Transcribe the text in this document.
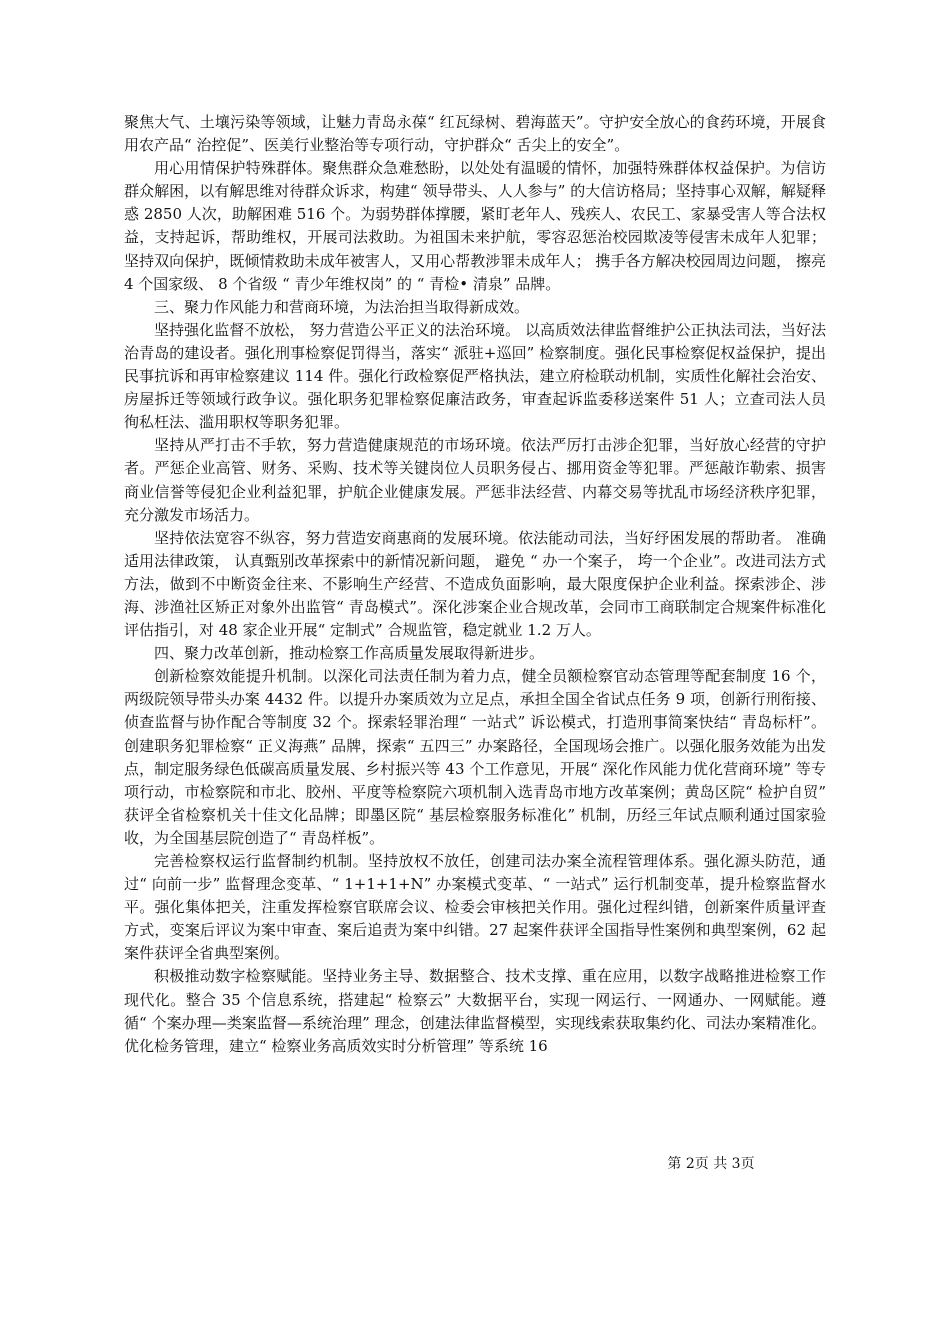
聚焦大气、土壤污染等领域，让魅力青岛永葆“ 红瓦绿树、碧海蓝天”。守护安全放心的食药环境，开展食用农产品“ 治控促”、医美行业整治等专项行动，守护群众“ 舌尖上的安全”。

用心用情保护特殊群体。聚焦群众急难愁盼，以处处有温暖的情怀，加强特殊群体权益保护。为信访群众解困，以有解思维对待群众诉求，构建“ 领导带头、人人参与” 的大信访格局；坚持事心双解，解疑释惑 2850 人次，助解困难 516 个。为弱势群体撑腰，紧盯老年人、残疾人、农民工、家暴受害人等合法权益，支持起诉，帮助维权，开展司法救助。为祖国未来护航，零容忍惩治校园欺凌等侵害未成年人犯罪；坚持双向保护，既倾情救助未成年被害人，又用心帮教涉罪未成年人； 携手各方解决校园周边问题， 擦亮 4 个国家级、 8 个省级 “ 青少年维权岗” 的 “ 青检• 清泉” 品牌。

三、聚力作风能力和营商环境，为法治担当取得新成效。

坚持强化监督不放松， 努力营造公平正义的法治环境。 以高质效法律监督维护公正执法司法，当好法治青岛的建设者。强化刑事检察促罚得当，落实“ 派驻+巡回” 检察制度。强化民事检察促权益保护，提出民事抗诉和再审检察建议 114 件。强化行政检察促严格执法，建立府检联动机制，实质性化解社会治安、房屋拆迁等领域行政争议。强化职务犯罪检察促廉洁政务，审查起诉监委移送案件 51 人；立查司法人员徇私枉法、滥用职权等职务犯罪。

坚持从严打击不手软，努力营造健康规范的市场环境。依法严厉打击涉企犯罪，当好放心经营的守护者。严惩企业高管、财务、采购、技术等关键岗位人员职务侵占、挪用资金等犯罪。严惩敲诈勒索、损害商业信誉等侵犯企业利益犯罪，护航企业健康发展。严惩非法经营、内幕交易等扰乱市场经济秩序犯罪，充分激发市场活力。

坚持依法宽容不纵容，努力营造安商惠商的发展环境。依法能动司法，当好纾困发展的帮助者。 准确适用法律政策， 认真甄别改革探索中的新情况新问题， 避免 “ 办一个案子， 垮一个企业”。改进司法方式方法，做到不中断资金往来、不影响生产经营、不造成负面影响，最大限度保护企业利益。探索涉企、涉海、涉渔社区矫正对象外出监管“ 青岛模式”。深化涉案企业合规改革，会同市工商联制定合规案件标准化评估指引，对 48 家企业开展“ 定制式” 合规监管，稳定就业 1.2 万人。

四、聚力改革创新，推动检察工作高质量发展取得新进步。

创新检察效能提升机制。以深化司法责任制为着力点，健全员额检察官动态管理等配套制度 16 个，两级院领导带头办案 4432 件。以提升办案质效为立足点，承担全国全省试点任务 9 项，创新行刑衔接、侦查监督与协作配合等制度 32 个。探索轻罪治理“ 一站式” 诉讼模式，打造刑事简案快结“ 青岛标杆”。创建职务犯罪检察“ 正义海燕” 品牌，探索“ 五四三” 办案路径，全国现场会推广。以强化服务效能为出发点，制定服务绿色低碳高质量发展、乡村振兴等 43 个工作意见，开展“ 深化作风能力优化营商环境” 等专项行动，市检察院和市北、胶州、平度等检察院六项机制入选青岛市地方改革案例；黄岛区院“ 检护自贸” 获评全省检察机关十佳文化品牌；即墨区院“ 基层检察服务标准化” 机制，历经三年试点顺利通过国家验收，为全国基层院创造了“ 青岛样板”。

完善检察权运行监督制约机制。坚持放权不放任，创建司法办案全流程管理体系。强化源头防范，通过“ 向前一步” 监督理念变革、“ 1+1+1+N” 办案模式变革、“ 一站式” 运行机制变革，提升检察监督水平。强化集体把关，注重发挥检察官联席会议、检委会审核把关作用。强化过程纠错，创新案件质量评查方式，变案后评议为案中审查、案后追责为案中纠错。27 起案件获评全国指导性案例和典型案例，62 起案件获评全省典型案例。

积极推动数字检察赋能。坚持业务主导、数据整合、技术支撑、重在应用，以数字战略推进检察工作现代化。整合 35 个信息系统，搭建起“ 检察云” 大数据平台，实现一网运行、一网通办、一网赋能。遵循“ 个案办理—类案监督—系统治理” 理念，创建法律监督模型，实现线索获取集约化、司法办案精准化。优化检务管理，建立“ 检察业务高质效实时分析管理” 等系统 16

第 2页 共 3页
